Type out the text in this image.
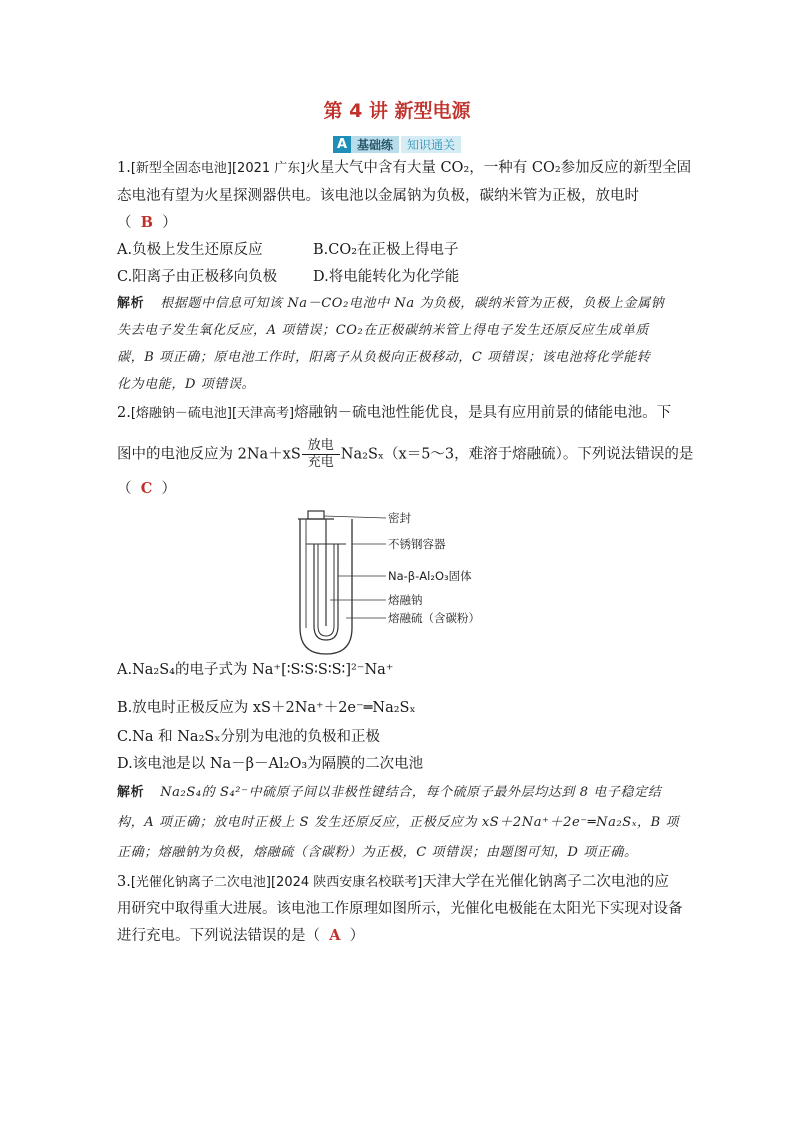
第 4 讲 新型电源
A 基础练	知识通关
1.[新型全固态电池][2021 广东]火星大气中含有大量 CO₂，一种有 CO₂参加反应的新型全固
态电池有望为火星探测器供电。该电池以金属钠为负极，碳纳米管为正极，放电时
（ B ）
A.负极上发生还原反应	B.CO₂在正极上得电子
C.阳离子由正极移向负极 D.将电能转化为化学能
解析 根据题中信息可知该 Na－CO₂电池中 Na 为负极，碳纳米管为正极，负极上金属钠
失去电子发生氧化反应，A 项错误；CO₂在正极碳纳米管上得电子发生还原反应生成单质
碳，B 项正确；原电池工作时，阳离子从负极向正极移动，C 项错误；该电池将化学能转
化为电能，D 项错误。
2.[熔融钠－硫电池][天津高考]熔融钠－硫电池性能优良，是具有应用前景的储能电池。下
图中的电池反应为 $2Na+xS \frac{\text{放电}}{\text{充电}}$ Na₂Sₓ（x＝5～3，难溶于熔融硫）。下列说法错误的是
（ C ）
密封
不锈钢容器
Na-β-Al₂O₃固体
熔融钠
熔融硫（含碳粉）
A.Na₂S₄的电子式为 Na⁺[∶S∶S∶S∶S∶]²⁻Na⁺
B.放电时正极反应为 xS＋2Na⁺＋2e⁻═Na₂Sₓ
C.Na 和 Na₂Sₓ分别为电池的负极和正极
D.该电池是以 Na－β－Al₂O₃为隔膜的二次电池
解析 Na₂S₄的 S₄²⁻中硫原子间以非极性键结合，每个硫原子最外层均达到 8 电子稳定结
构，A 项正确；放电时正极上 S 发生还原反应，正极反应为 xS＋2Na⁺＋2e⁻═Na₂Sₓ，B 项
正确；熔融钠为负极，熔融硫（含碳粉）为正极，C 项错误；由题图可知，D 项正确。
3.[光催化钠离子二次电池][2024 陕西安康名校联考]天津大学在光催化钠离子二次电池的应
用研究中取得重大进展。该电池工作原理如图所示，光催化电极能在太阳光下实现对设备
进行充电。下列说法错误的是（ A ）
